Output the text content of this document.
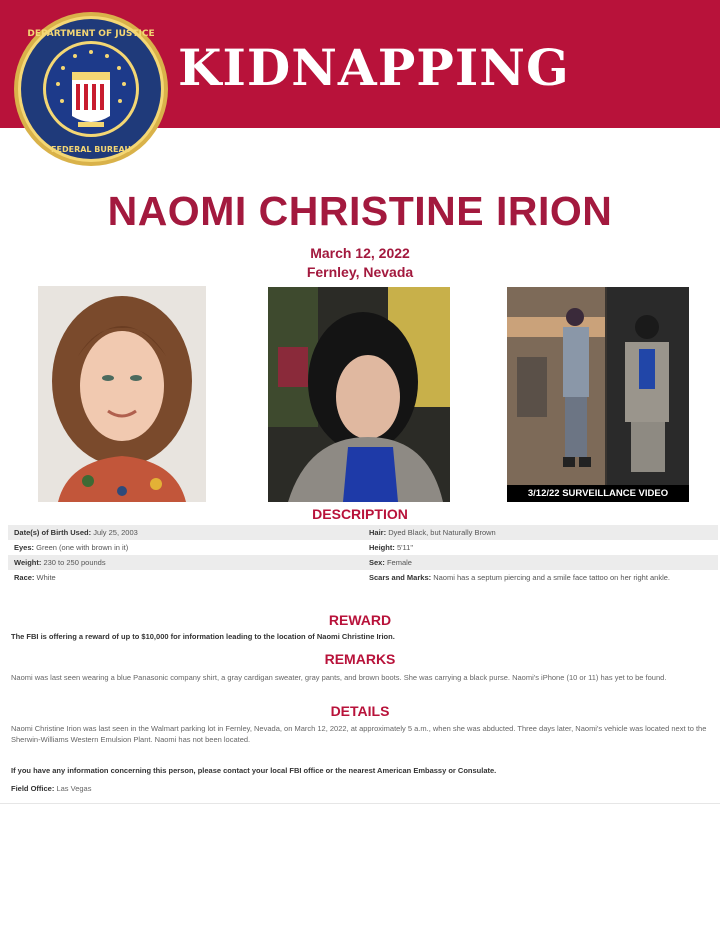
KIDNAPPING
DEPARTMENT OF JUSTICE
FEDERAL BUREAU
NAOMI CHRISTINE IRION
March 12, 2022
Fernley, Nevada
3/12/22 SURVEILLANCE VIDEO
DESCRIPTION
Date(s) of Birth Used: July 25, 2003	Hair: Dyed Black, but Naturally Brown
Eyes: Green (one with brown in it)	Height: 5'11"
Weight: 230 to 250 pounds	Sex: Female
Race: White	Scars and Marks: Naomi has a septum piercing and a smile face tattoo on her right ankle.
REWARD
The FBI is offering a reward of up to $10,000 for information leading to the location of Naomi Christine Irion.
REMARKS
Naomi was last seen wearing a blue Panasonic company shirt, a gray cardigan sweater, gray pants, and brown boots. She was carrying a black purse. Naomi's iPhone (10 or 11) has yet to be found.
DETAILS
Naomi Christine Irion was last seen in the Walmart parking lot in Fernley, Nevada, on March 12, 2022, at approximately 5 a.m., when she was abducted. Three days later, Naomi's vehicle was located next to the Sherwin-Williams Western Emulsion Plant. Naomi has not been located.
If you have any information concerning this person, please contact your local FBI office or the nearest American Embassy or Consulate.
Field Office: Las Vegas
